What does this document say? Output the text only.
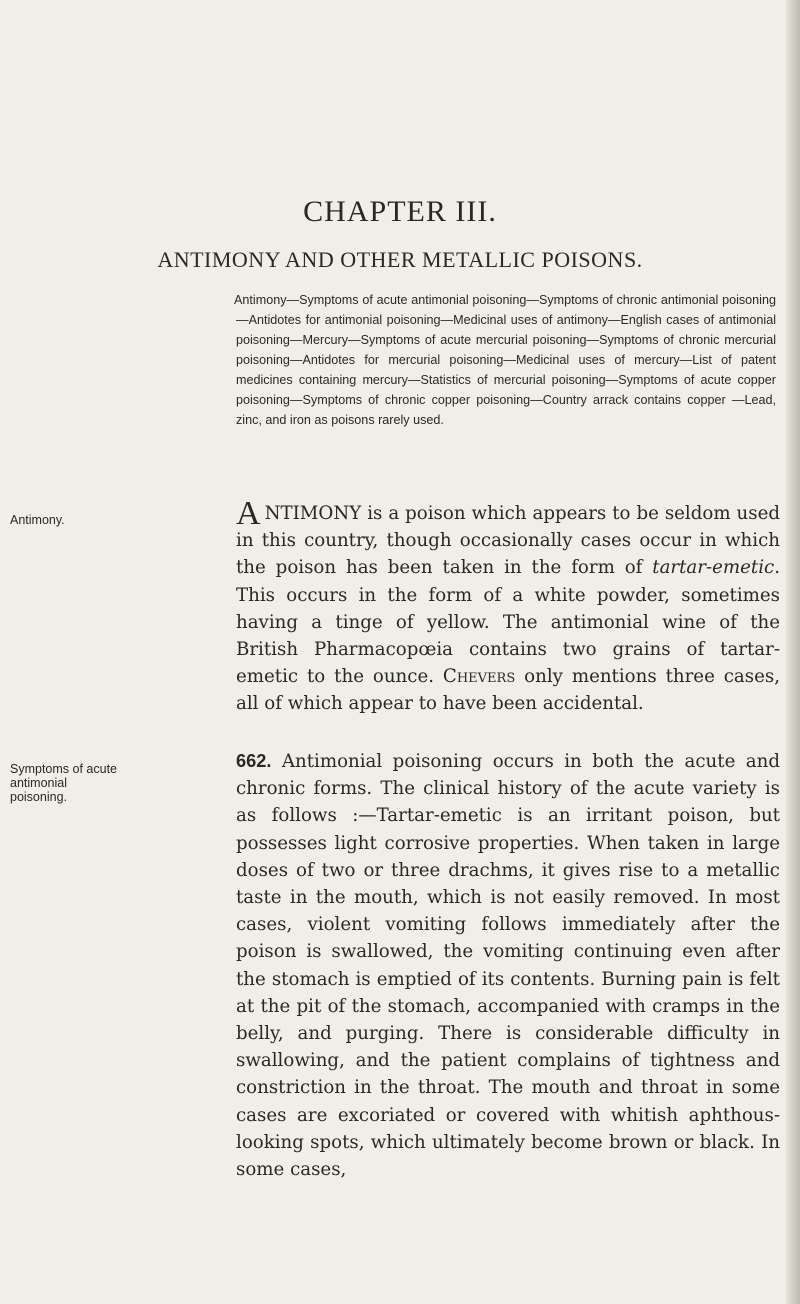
CHAPTER III.
ANTIMONY AND OTHER METALLIC POISONS.

Antimony—Symptoms of acute antimonial poisoning—Symptoms of chronic antimonial poisoning—Antidotes for antimonial poisoning—Medicinal uses of antimony—English cases of antimonial poisoning—Mercury—Symptoms of acute mercurial poisoning—Symptoms of chronic mercurial poisoning—Antidotes for mercurial poisoning—Medicinal uses of mercury—List of patent medicines containing mercury—Statistics of mercurial poisoning—Symptoms of acute copper poisoning—Symptoms of chronic copper poisoning—Country arrack contains copper —Lead, zinc, and iron as poisons rarely used.

Antimony.
Symptoms of acute antimonial poisoning.

ANTIMONY is a poison which appears to be seldom used in this country, though occasionally cases occur in which the poison has been taken in the form of tartar-emetic. This occurs in the form of a white powder, sometimes having a tinge of yellow. The antimonial wine of the British Pharmacopœia contains two grains of tartar-emetic to the ounce. Chevers only mentions three cases, all of which appear to have been accidental.

662. Antimonial poisoning occurs in both the acute and chronic forms. The clinical history of the acute variety is as follows :—Tartar-emetic is an irritant poison, but possesses light corrosive properties. When taken in large doses of two or three drachms, it gives rise to a metallic taste in the mouth, which is not easily removed. In most cases, violent vomiting follows immediately after the poison is swallowed, the vomiting continuing even after the stomach is emptied of its contents. Burning pain is felt at the pit of the stomach, accompanied with cramps in the belly, and purging. There is considerable difficulty in swallowing, and the patient complains of tightness and constriction in the throat. The mouth and throat in some cases are excoriated or covered with whitish aphthous-looking spots, which ultimately become brown or black. In some cases,
